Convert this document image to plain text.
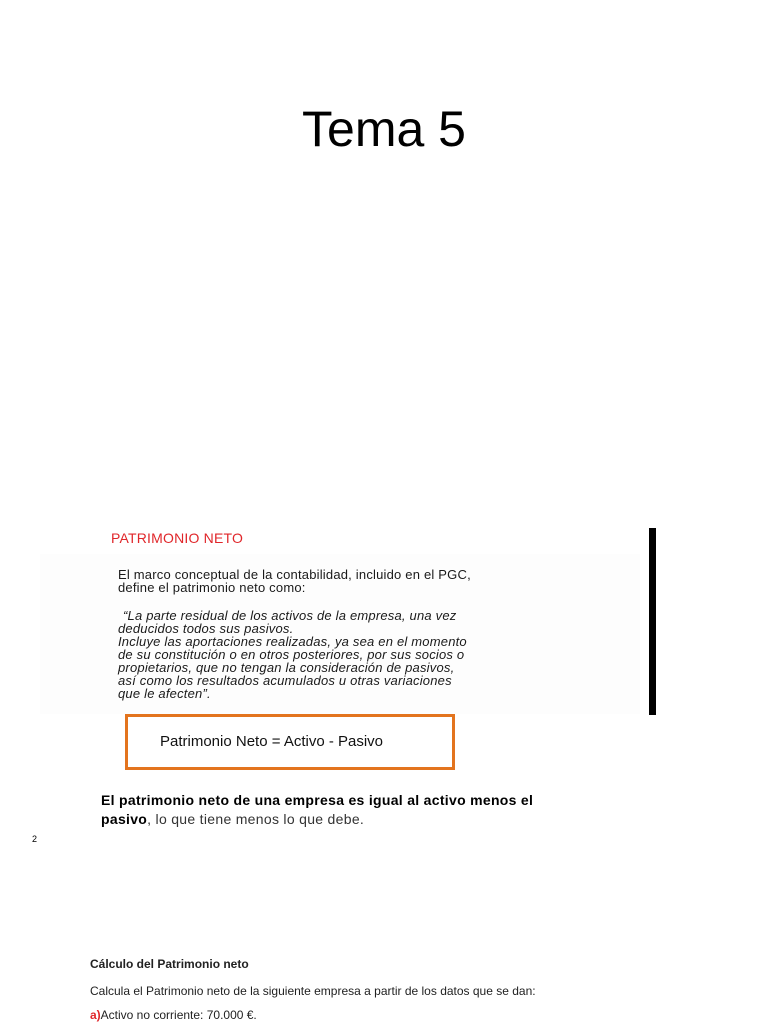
Tema 5
PATRIMONIO NETO
El marco conceptual de la contabilidad, incluido en el PGC,
define el patrimonio neto como:
“La parte residual de los activos de la empresa, una vez
deducidos todos sus pasivos.
Incluye las aportaciones realizadas, ya sea en el momento
de su constitución o en otros posteriores, por sus socios o
propietarios, que no tengan la consideración de pasivos,
así como los resultados acumulados u otras variaciones
que le afecten”.
Patrimonio Neto = Activo - Pasivo
El patrimonio neto de una empresa es igual al activo menos el
pasivo, lo que tiene menos lo que debe.
2
Cálculo del Patrimonio neto
Calcula el Patrimonio neto de la siguiente empresa a partir de los datos que se dan:
a)Activo no corriente: 70.000 €.
